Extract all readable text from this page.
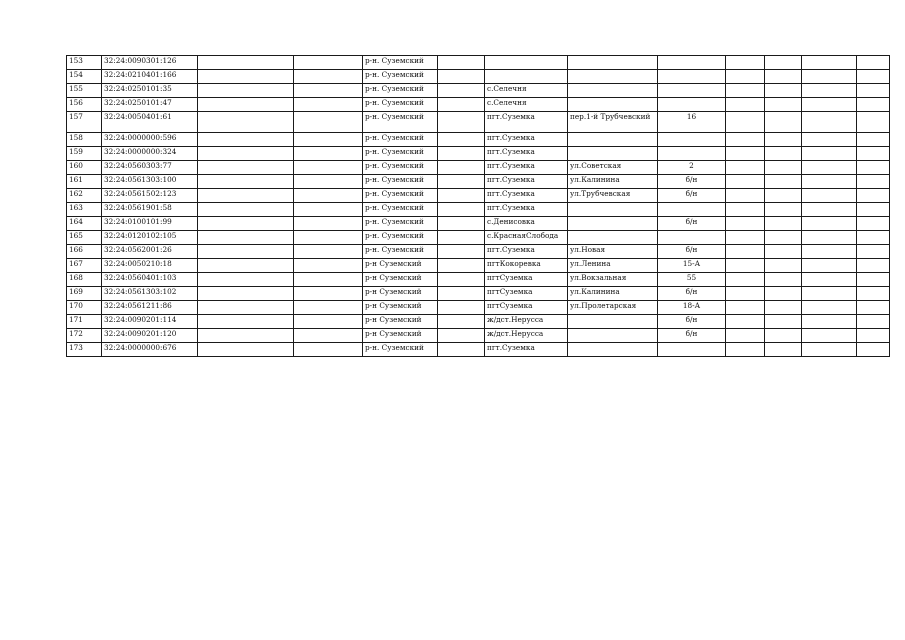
153	32:24:0090301:126			р-н. Суземский								
154	32:24:0210401:166			р-н. Суземский								
155	32:24:0250101:35			р-н. Суземский		с.Селечня						
156	32:24:0250101:47			р-н. Суземский		с.Селечня						
157	32:24:0050401:61			р-н. Суземский		пгт.Суземка	пер.1-й Трубчевский	16				
158	32:24:0000000:596			р-н. Суземский		пгт.Суземка						
159	32:24:0000000:324			р-н. Суземский		пгт.Суземка						
160	32:24:0560303:77			р-н. Суземский		пгт.Суземка	ул.Советская	2				
161	32:24:0561303:100			р-н. Суземский		пгт.Суземка	ул.Калинина	б/н				
162	32:24:0561502:123			р-н. Суземский		пгт.Суземка	ул.Трубчевская	б/н				
163	32:24:0561901:58			р-н. Суземский		пгт.Суземка						
164	32:24:0100101:99			р-н. Суземский		с.Денисовка		б/н				
165	32:24:0120102:105			р-н. Суземский		с.КраснаяСлобода						
166	32:24:0562001:26			р-н. Суземский		пгт.Суземка	ул.Новая	б/н				
167	32:24:0050210:18			р-н Суземский		пгтКокоревка	ул.Ленина	15-А				
168	32:24:0560401:103			р-н Суземский		пгтСуземка	ул.Вокзальная	55				
169	32:24:0561303:102			р-н Суземский		пгтСуземка	ул.Калинина	б/н				
170	32:24:0561211:86			р-н Суземский		пгтСуземка	ул.Пролетарская	18-А				
171	32:24:0090201:114			р-н Суземский		ж/дст.Нерусса		б/н				
172	32:24:0090201:120			р-н Суземский		ж/дст.Нерусса		б/н				
173	32:24:0000000:676			р-н. Суземский		пгт.Суземка						
